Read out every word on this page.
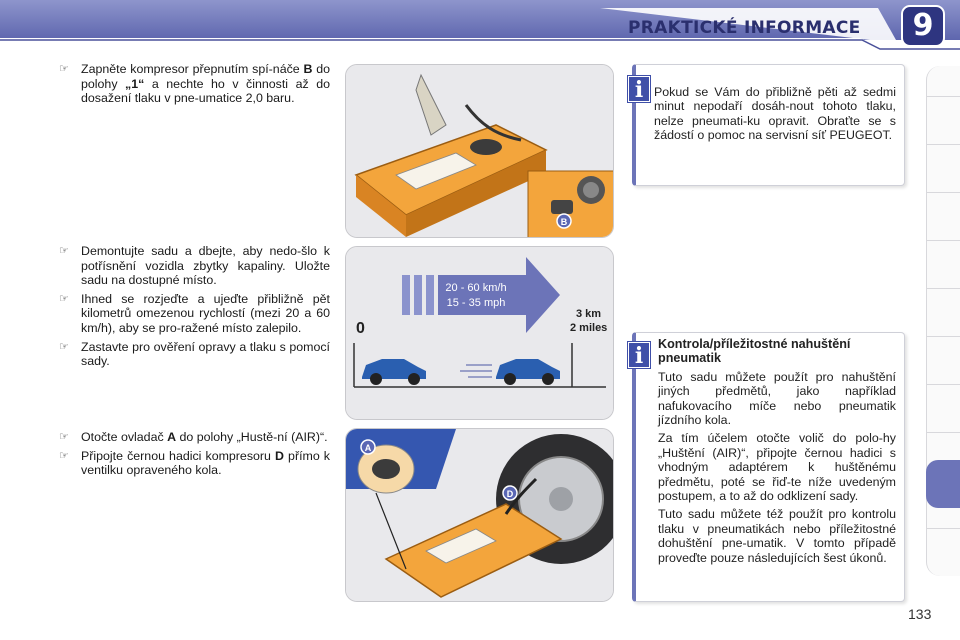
PRAKTICKÉ INFORMACE 9
☞ Zapněte kompresor přepnutím spí-náče B do polohy „1“ a nechte ho v činnosti až do dosažení tlaku v pne-umatice 2,0 baru.
☞ Demontujte sadu a dbejte, aby nedo-šlo k potřísnění vozidla zbytky kapaliny. Uložte sadu na dostupné místo.
☞ Ihned se rozjeďte a ujeďte přibližně pět kilometrů omezenou rychlostí (mezi 20 a 60 km/h), aby se pro-ražené místo zalepilo.
☞ Zastavte pro ověření opravy a tlaku s pomocí sady.
☞ Otočte ovladač A do polohy „Hustě-ní (AIR)“.
☞ Připojte černou hadici kompresoru D přímo k ventilku opraveného kola.
B
20 - 60 km/h
15 - 35 mph
3 km
2 miles
0
A
D
Pokud se Vám do přibližně pěti až sedmi minut nepodaří dosáh-nout tohoto tlaku, nelze pneumati-ku opravit. Obraťte se s žádostí o pomoc na servisní síť PEUGEOT.
i
Kontrola/příležitostné nahuštění pneumatik

Tuto sadu můžete použít pro nahuštění jiných předmětů, jako například nafukovacího míče nebo pneumatik jízdního kola.

Za tím účelem otočte volič do polo-hy „Huštění (AIR)“, připojte černou hadici s vhodným adaptérem k huštěnému předmětu, poté se řiď-te níže uvedeným postupem, a to až do odklizení sady.

Tuto sadu můžete též použít pro kontrolu tlaku v pneumatikách nebo příležitostné dohuštění pne-umatik. V tomto případě proveďte pouze následujících šest úkonů.

i
133
